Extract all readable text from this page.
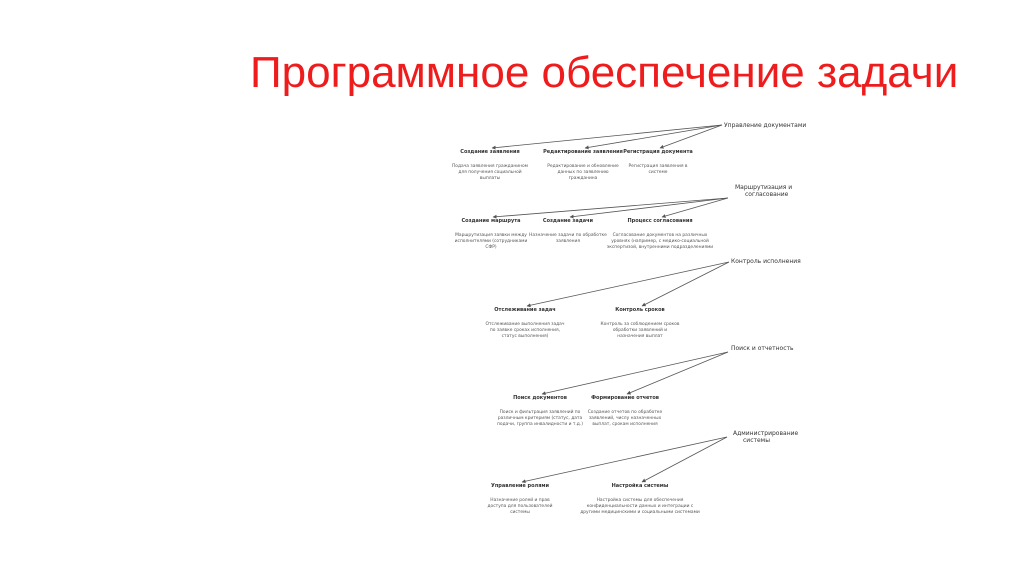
Программное обеспечение задачи
Управление документами
Создание заявления
Подача заявления гражданином для получения социальной выплаты
Редактирование заявления
Редактирование и обновление данных по заявлению гражданина
Регистрация документа
Регистрация заявления в системе
Маршрутизация и согласование
Создание маршрута
Маршрутизация заявки между исполнителями (сотрудниками СФР)
Создание задачи
Назначение задачи по обработке заявления
Процесс согласования
Согласование документов на различных уровнях (например, с медико-социальной экспертизой, внутренними подразделениями
Контроль исполнения
Отслеживание задач
Отслеживание выполнения задач по заявке сроках исполнения, статус выполнения)
Контроль сроков
Контроль за соблюдением сроков обработки заявлений и назначения выплат
Поиск и отчетность
Поиск документов
Поиск и фильтрация заявлений по различным критериям (статус, дата подачи, группа инвалидности и т.д.)
Формирование отчетов
Создание отчетов по обработке заявлений, числу назначенных выплат, срокам исполнения
Администрирование системы
Управление ролями
Назначение ролей и прав доступа для пользователей системы
Настройка системы
Настройка системы для обеспечения конфиденциальности данных и интеграции с другими медицинскими и социальными системами
